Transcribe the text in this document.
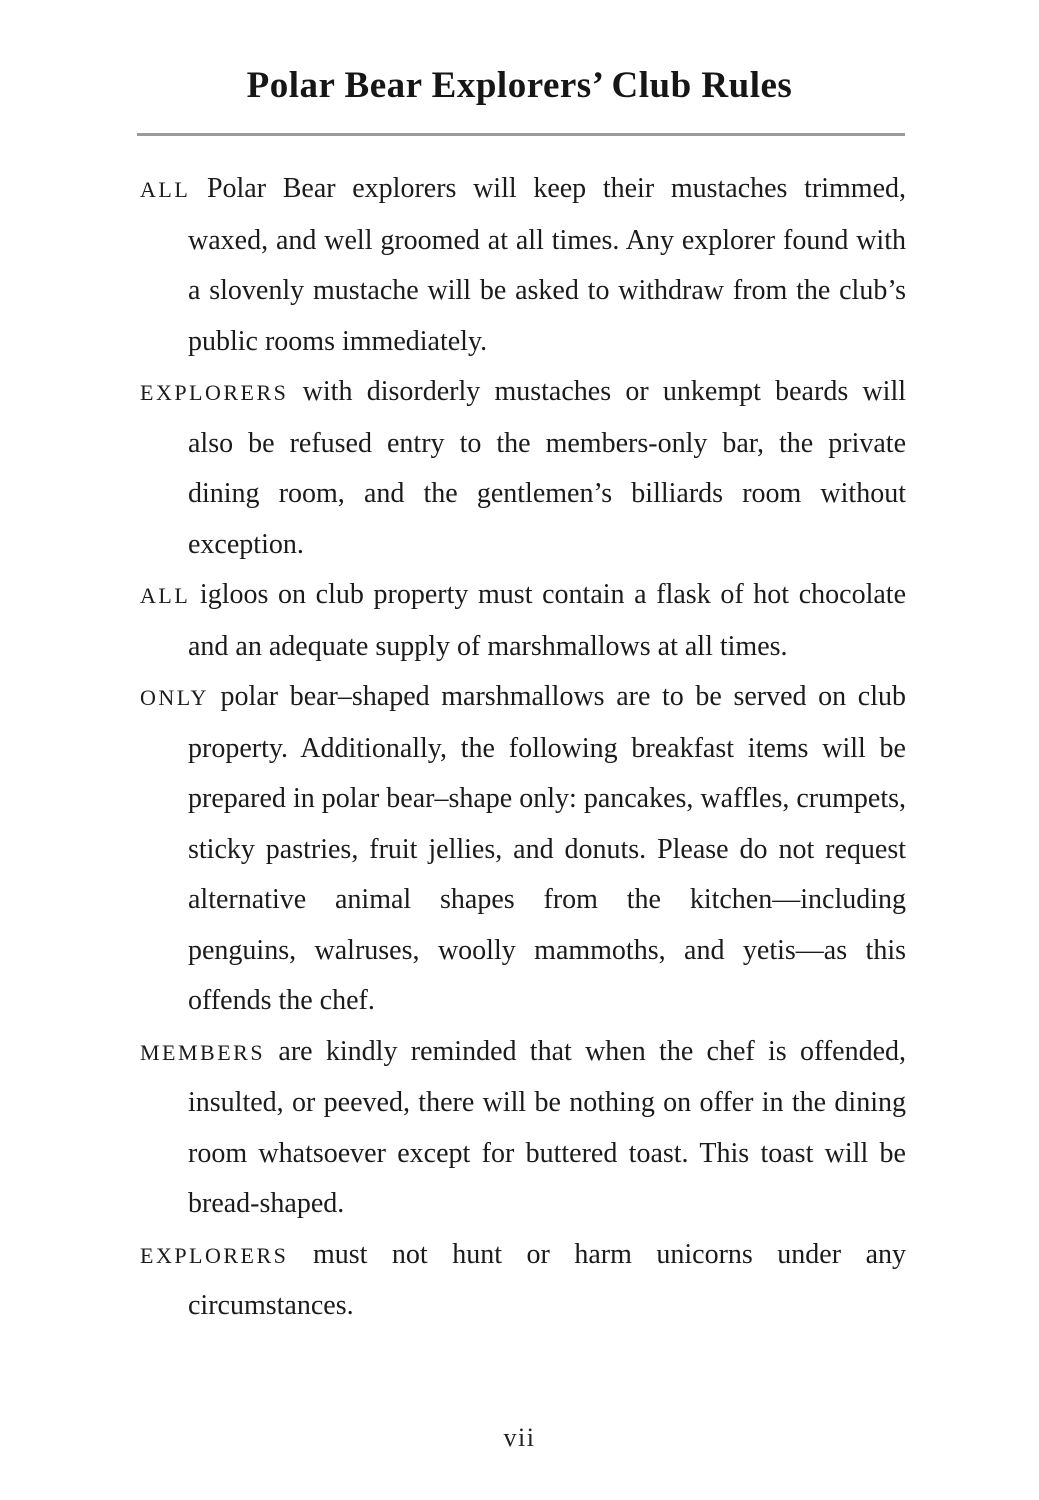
Polar Bear Explorers’ Club Rules

ALL Polar Bear explorers will keep their mustaches trimmed, waxed, and well groomed at all times. Any explorer found with a slovenly mustache will be asked to withdraw from the club’s public rooms immediately.

EXPLORERS with disorderly mustaches or unkempt beards will also be refused entry to the members-only bar, the private dining room, and the gentlemen’s billiards room without exception.

ALL igloos on club property must contain a flask of hot chocolate and an adequate supply of marshmallows at all times.

ONLY polar bear–shaped marshmallows are to be served on club property. Additionally, the following breakfast items will be prepared in polar bear–shape only: pancakes, waffles, crumpets, sticky pastries, fruit jellies, and donuts. Please do not request alternative animal shapes from the kitchen—including penguins, walruses, woolly mammoths, and yetis—as this offends the chef.

MEMBERS are kindly reminded that when the chef is offended, insulted, or peeved, there will be nothing on offer in the dining room whatsoever except for buttered toast. This toast will be bread-shaped.

EXPLORERS must not hunt or harm unicorns under any circumstances.

vii
